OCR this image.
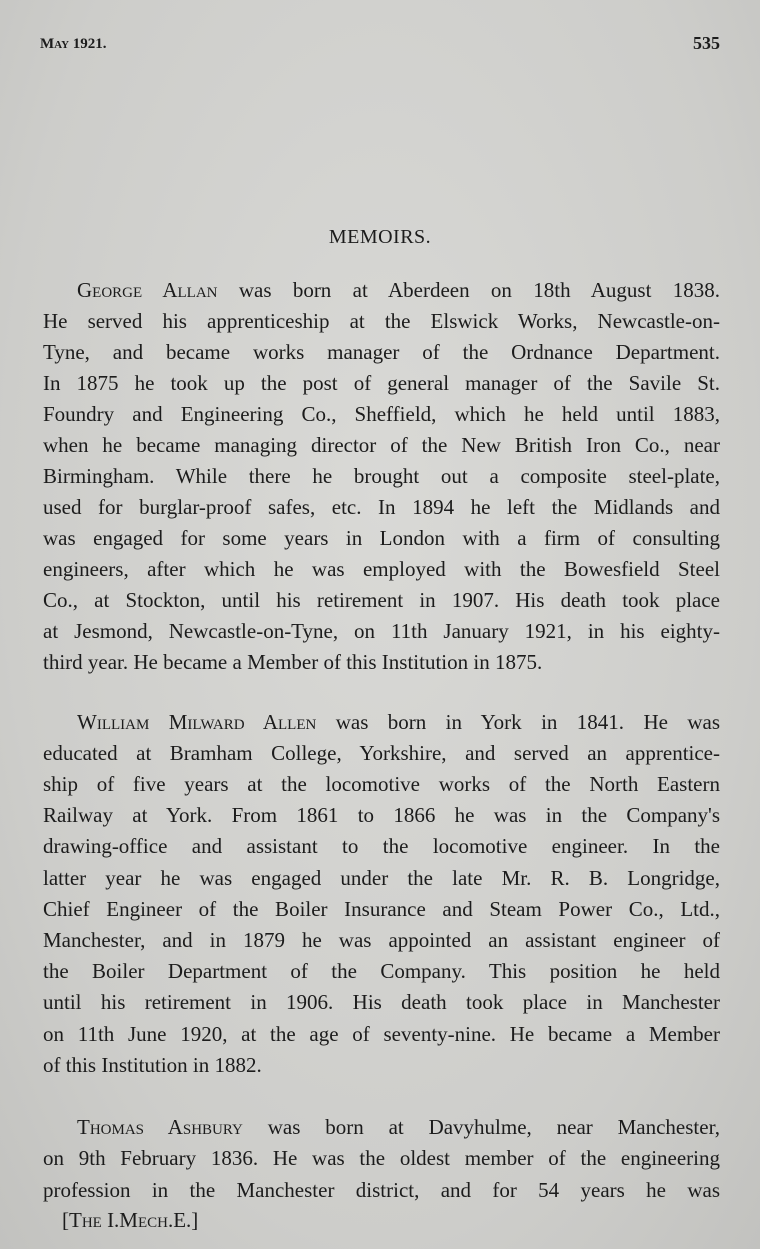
May 1921.	535
MEMOIRS.
George Allan was born at Aberdeen on 18th August 1838.
He served his apprenticeship at the Elswick Works, Newcastle-on-
Tyne, and became works manager of the Ordnance Department.
In 1875 he took up the post of general manager of the Savile St.
Foundry and Engineering Co., Sheffield, which he held until 1883,
when he became managing director of the New British Iron Co., near
Birmingham. While there he brought out a composite steel-plate,
used for burglar-proof safes, etc. In 1894 he left the Midlands and
was engaged for some years in London with a firm of consulting
engineers, after which he was employed with the Bowesfield Steel
Co., at Stockton, until his retirement in 1907. His death took place
at Jesmond, Newcastle-on-Tyne, on 11th January 1921, in his eighty-
third year. He became a Member of this Institution in 1875.
William Milward Allen was born in York in 1841. He was
educated at Bramham College, Yorkshire, and served an apprentice-
ship of five years at the locomotive works of the North Eastern
Railway at York. From 1861 to 1866 he was in the Company's
drawing-office and assistant to the locomotive engineer. In the
latter year he was engaged under the late Mr. R. B. Longridge,
Chief Engineer of the Boiler Insurance and Steam Power Co., Ltd.,
Manchester, and in 1879 he was appointed an assistant engineer of
the Boiler Department of the Company. This position he held
until his retirement in 1906. His death took place in Manchester
on 11th June 1920, at the age of seventy-nine. He became a Member
of this Institution in 1882.
Thomas Ashbury was born at Davyhulme, near Manchester,
on 9th February 1836. He was the oldest member of the engineering
profession in the Manchester district, and for 54 years he was
[The I.Mech.E.]
